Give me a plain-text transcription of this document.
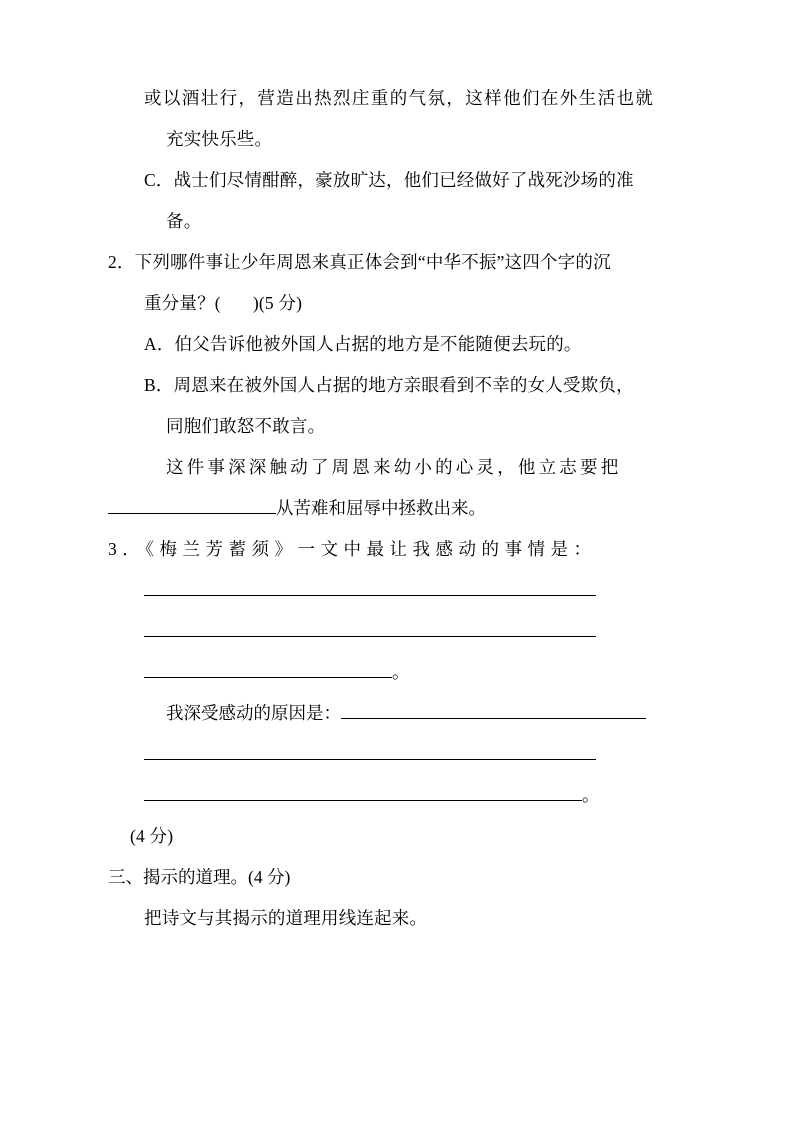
或以酒壮行，营造出热烈庄重的气氛，这样他们在外生活也就
充实快乐些。
C．战士们尽情酣醉，豪放旷达，他们已经做好了战死沙场的准
备。
2．下列哪件事让少年周恩来真正体会到“中华不振”这四个字的沉
重分量？(       )(5 分)
A．伯父告诉他被外国人占据的地方是不能随便去玩的。
B．周恩来在被外国人占据的地方亲眼看到不幸的女人受欺负，
同胞们敢怒不敢言。
这件事深深触动了周恩来幼小的心灵，他立志要把
从苦难和屈辱中拯救出来。
3．《梅兰芳蓄须》一文中最让我感动的事情是：
。
我深受感动的原因是：
。
(4 分)
三、揭示的道理。(4 分)
把诗文与其揭示的道理用线连起来。
